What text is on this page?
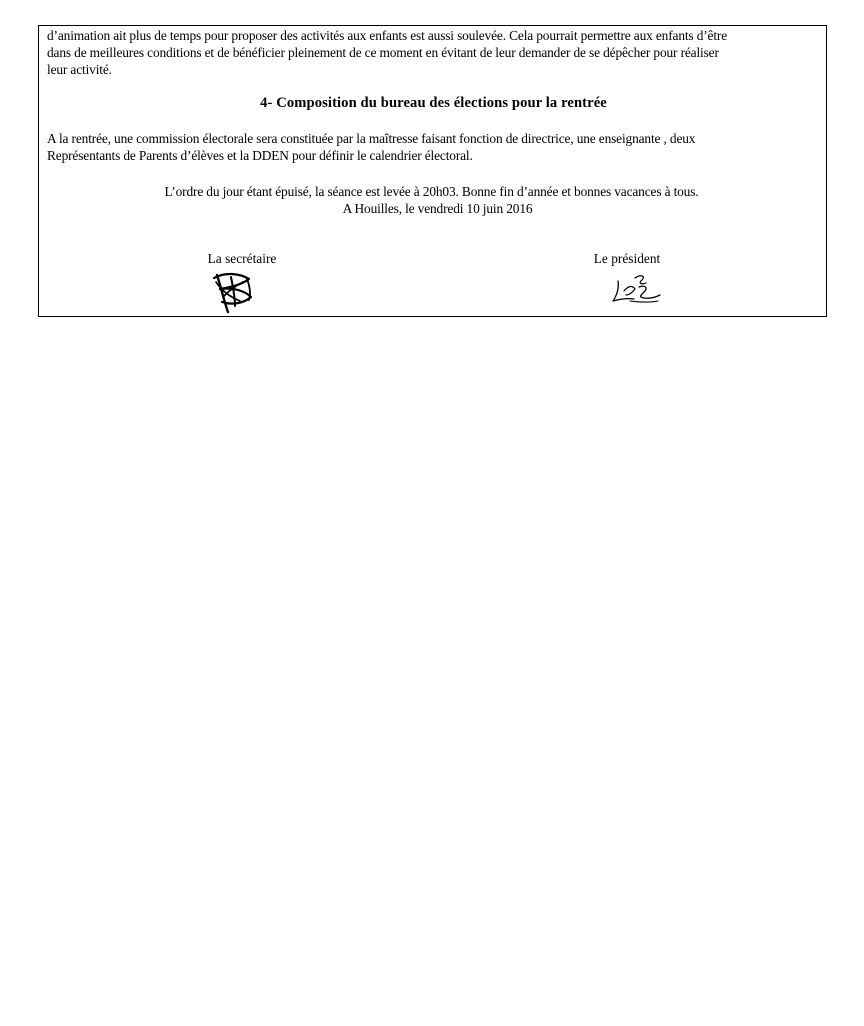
d’animation ait plus de temps pour proposer des activités aux enfants est aussi soulevée. Cela pourrait permettre aux enfants d’être
dans de meilleures conditions et de bénéficier pleinement de ce moment en évitant de leur demander de se dépêcher pour réaliser
leur activité.

4- Composition du bureau des élections pour la rentrée

A la rentrée, une commission électorale sera constituée par la maîtresse faisant fonction de directrice, une enseignante , deux
Représentants de Parents d’élèves et la DDEN pour définir le calendrier électoral.

L’ordre du jour étant épuisé, la séance est levée à 20h03. Bonne fin d’année et bonnes vacances à tous.

A Houilles, le vendredi 10 juin 2016

La secrétaire	Le président
